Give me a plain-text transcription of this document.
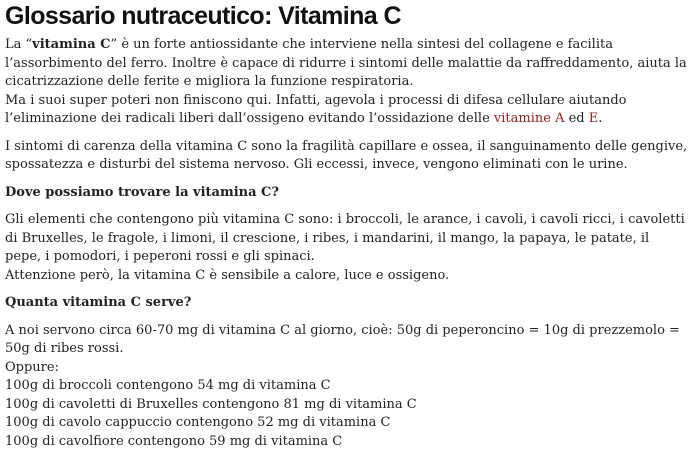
Glossario nutraceutico: Vitamina C

La “vitamina C” è un forte antiossidante che interviene nella sintesi del collagene e facilita l’assorbimento del ferro. Inoltre è capace di ridurre i sintomi delle malattie da raffreddamento, aiuta la cicatrizzazione delle ferite e migliora la funzione respiratoria.
Ma i suoi super poteri non finiscono qui. Infatti, agevola i processi di difesa cellulare aiutando l’eliminazione dei radicali liberi dall’ossigeno evitando l’ossidazione delle vitamine A ed E.

I sintomi di carenza della vitamina C sono la fragilità capillare e ossea, il sanguinamento delle gengive, spossatezza e disturbi del sistema nervoso. Gli eccessi, invece, vengono eliminati con le urine.

Dove possiamo trovare la vitamina C?

Gli elementi che contengono più vitamina C sono: i broccoli, le arance, i cavoli, i cavoli ricci, i cavoletti di Bruxelles, le fragole, i limoni, il crescione, i ribes, i mandarini, il mango, la papaya, le patate, il pepe, i pomodori, i peperoni rossi e gli spinaci.
Attenzione però, la vitamina C è sensibile a calore, luce e ossigeno.

Quanta vitamina C serve?

A noi servono circa 60-70 mg di vitamina C al giorno, cioè: 50g di peperoncino = 10g di prezzemolo = 50g di ribes rossi.
Oppure:
100g di broccoli contengono 54 mg di vitamina C
100g di cavoletti di Bruxelles contengono 81 mg di vitamina C
100g di cavolo cappuccio contengono 52 mg di vitamina C
100g di cavolfiore contengono 59 mg di vitamina C
